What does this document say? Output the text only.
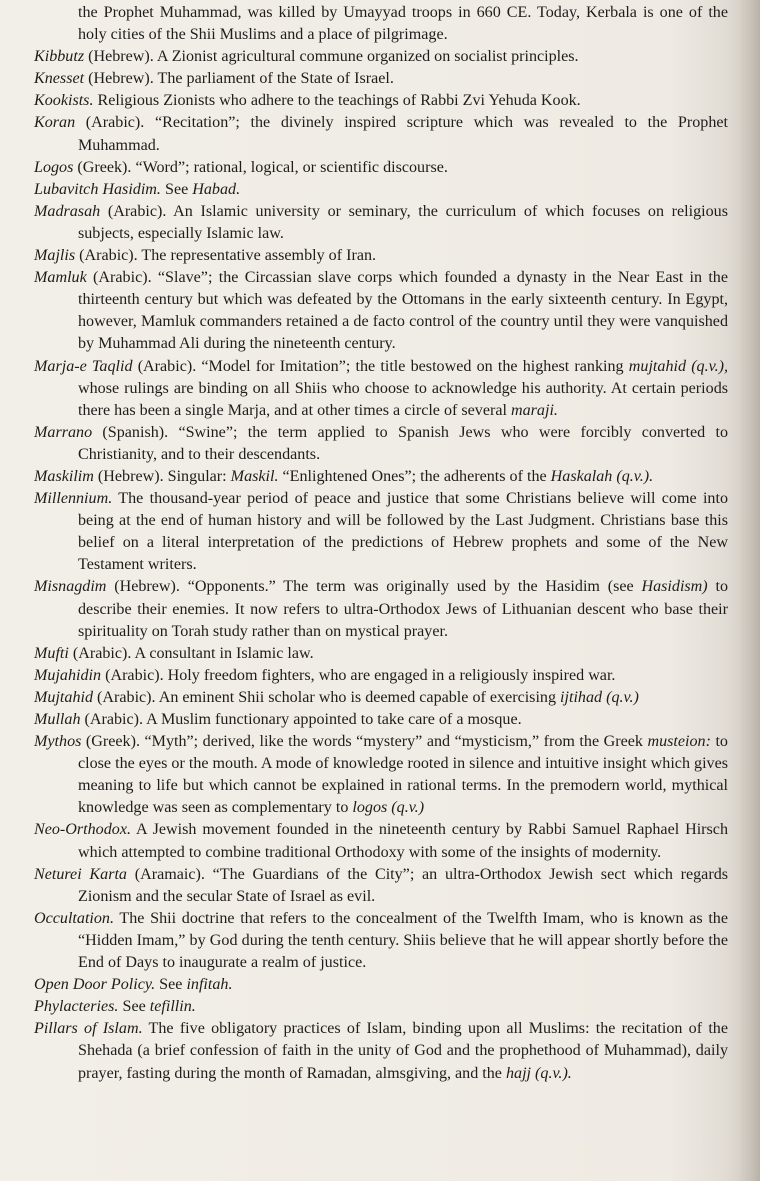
the Prophet Muhammad, was killed by Umayyad troops in 660 CE. Today, Kerbala is one of the holy cities of the Shii Muslims and a place of pilgrimage.

Kibbutz (Hebrew). A Zionist agricultural commune organized on socialist principles.

Knesset (Hebrew). The parliament of the State of Israel.

Kookists. Religious Zionists who adhere to the teachings of Rabbi Zvi Yehuda Kook.

Koran (Arabic). “Recitation”; the divinely inspired scripture which was revealed to the Prophet Muhammad.

Logos (Greek). “Word”; rational, logical, or scientific discourse.

Lubavitch Hasidim. See Habad.

Madrasah (Arabic). An Islamic university or seminary, the curriculum of which focuses on religious subjects, especially Islamic law.

Majlis (Arabic). The representative assembly of Iran.

Mamluk (Arabic). “Slave”; the Circassian slave corps which founded a dynasty in the Near East in the thirteenth century but which was defeated by the Ottomans in the early sixteenth century. In Egypt, however, Mamluk commanders retained a de facto control of the country until they were vanquished by Muhammad Ali during the nineteenth century.

Marja-e Taqlid (Arabic). “Model for Imitation”; the title bestowed on the highest ranking mujtahid (q.v.), whose rulings are binding on all Shiis who choose to acknowledge his authority. At certain periods there has been a single Marja, and at other times a circle of several maraji.

Marrano (Spanish). “Swine”; the term applied to Spanish Jews who were forcibly converted to Christianity, and to their descendants.

Maskilim (Hebrew). Singular: Maskil. “Enlightened Ones”; the adherents of the Haskalah (q.v.).

Millennium. The thousand-year period of peace and justice that some Christians believe will come into being at the end of human history and will be followed by the Last Judgment. Christians base this belief on a literal interpretation of the predictions of Hebrew prophets and some of the New Testament writers.

Misnagdim (Hebrew). “Opponents.” The term was originally used by the Hasidim (see Hasidism) to describe their enemies. It now refers to ultra-Orthodox Jews of Lithuanian descent who base their spirituality on Torah study rather than on mystical prayer.

Mufti (Arabic). A consultant in Islamic law.

Mujahidin (Arabic). Holy freedom fighters, who are engaged in a religiously inspired war.

Mujtahid (Arabic). An eminent Shii scholar who is deemed capable of exercising ijtihad (q.v.)

Mullah (Arabic). A Muslim functionary appointed to take care of a mosque.

Mythos (Greek). “Myth”; derived, like the words “mystery” and “mysticism,” from the Greek musteion: to close the eyes or the mouth. A mode of knowledge rooted in silence and intuitive insight which gives meaning to life but which cannot be explained in rational terms. In the premodern world, mythical knowledge was seen as complementary to logos (q.v.)

Neo-Orthodox. A Jewish movement founded in the nineteenth century by Rabbi Samuel Raphael Hirsch which attempted to combine traditional Orthodoxy with some of the insights of modernity.

Neturei Karta (Aramaic). “The Guardians of the City”; an ultra-Orthodox Jewish sect which regards Zionism and the secular State of Israel as evil.

Occultation. The Shii doctrine that refers to the concealment of the Twelfth Imam, who is known as the “Hidden Imam,” by God during the tenth century. Shiis believe that he will appear shortly before the End of Days to inaugurate a realm of justice.

Open Door Policy. See infitah.

Phylacteries. See tefillin.

Pillars of Islam. The five obligatory practices of Islam, binding upon all Muslims: the recitation of the Shehada (a brief confession of faith in the unity of God and the prophethood of Muhammad), daily prayer, fasting during the month of Ramadan, almsgiving, and the hajj (q.v.).
